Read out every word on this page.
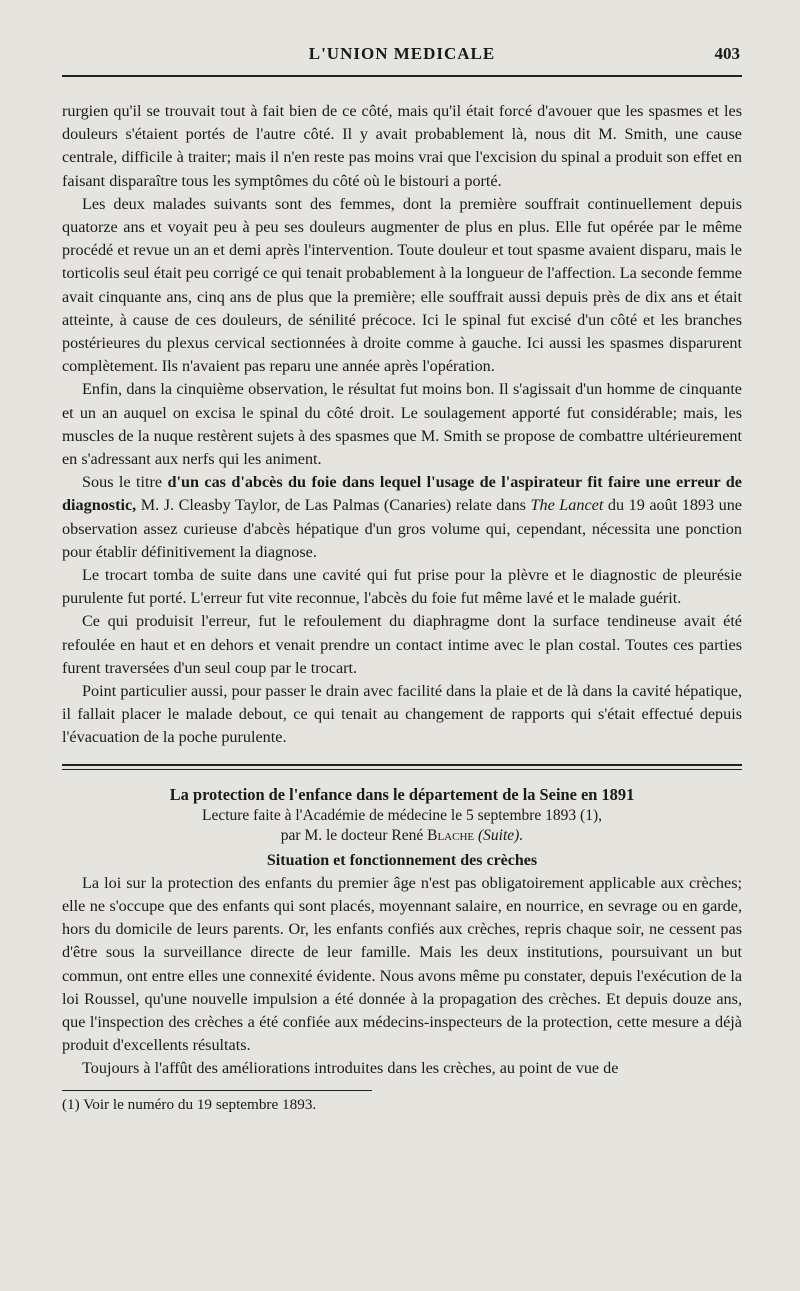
L'UNION MEDICALE	403

rurgien qu'il se trouvait tout à fait bien de ce côté, mais qu'il était forcé d'avouer que les spasmes et les douleurs s'étaient portés de l'autre côté. Il y avait probablement là, nous dit M. Smith, une cause centrale, difficile à traiter; mais il n'en reste pas moins vrai que l'excision du spinal a produit son effet en faisant disparaître tous les symptômes du côté où le bistouri a porté.

Les deux malades suivants sont des femmes, dont la première souffrait continuellement depuis quatorze ans et voyait peu à peu ses douleurs augmenter de plus en plus. Elle fut opérée par le même procédé et revue un an et demi après l'intervention. Toute douleur et tout spasme avaient disparu, mais le torticolis seul était peu corrigé ce qui tenait probablement à la longueur de l'affection. La seconde femme avait cinquante ans, cinq ans de plus que la première; elle souffrait aussi depuis près de dix ans et était atteinte, à cause de ces douleurs, de sénilité précoce. Ici le spinal fut excisé d'un côté et les branches postérieures du plexus cervical sectionnées à droite comme à gauche. Ici aussi les spasmes disparurent complètement. Ils n'avaient pas reparu une année après l'opération.

Enfin, dans la cinquième observation, le résultat fut moins bon. Il s'agissait d'un homme de cinquante et un an auquel on excisa le spinal du côté droit. Le soulagement apporté fut considérable; mais, les muscles de la nuque restèrent sujets à des spasmes que M. Smith se propose de combattre ultérieurement en s'adressant aux nerfs qui les animent.

Sous le titre d'un cas d'abcès du foie dans lequel l'usage de l'aspirateur fit faire une erreur de diagnostic, M. J. Cleasby Taylor, de Las Palmas (Canaries) relate dans The Lancet du 19 août 1893 une observation assez curieuse d'abcès hépatique d'un gros volume qui, cependant, nécessita une ponction pour établir définitivement la diagnose.

Le trocart tomba de suite dans une cavité qui fut prise pour la plèvre et le diagnostic de pleurésie purulente fut porté. L'erreur fut vite reconnue, l'abcès du foie fut même lavé et le malade guérit.

Ce qui produisit l'erreur, fut le refoulement du diaphragme dont la surface tendineuse avait été refoulée en haut et en dehors et venait prendre un contact intime avec le plan costal. Toutes ces parties furent traversées d'un seul coup par le trocart.

Point particulier aussi, pour passer le drain avec facilité dans la plaie et de là dans la cavité hépatique, il fallait placer le malade debout, ce qui tenait au changement de rapports qui s'était effectué depuis l'évacuation de la poche purulente.

La protection de l'enfance dans le département de la Seine en 1891
Lecture faite à l'Académie de médecine le 5 septembre 1893 (1),
par M. le docteur René Blache (Suite).
Situation et fonctionnement des crèches

La loi sur la protection des enfants du premier âge n'est pas obligatoirement applicable aux crèches; elle ne s'occupe que des enfants qui sont placés, moyennant salaire, en nourrice, en sevrage ou en garde, hors du domicile de leurs parents. Or, les enfants confiés aux crèches, repris chaque soir, ne cessent pas d'être sous la surveillance directe de leur famille. Mais les deux institutions, poursuivant un but commun, ont entre elles une connexité évidente. Nous avons même pu constater, depuis l'exécution de la loi Roussel, qu'une nouvelle impulsion a été donnée à la propagation des crèches. Et depuis douze ans, que l'inspection des crèches a été confiée aux médecins-inspecteurs de la protection, cette mesure a déjà produit d'excellents résultats.

Toujours à l'affût des améliorations introduites dans les crèches, au point de vue de

(1) Voir le numéro du 19 septembre 1893.
